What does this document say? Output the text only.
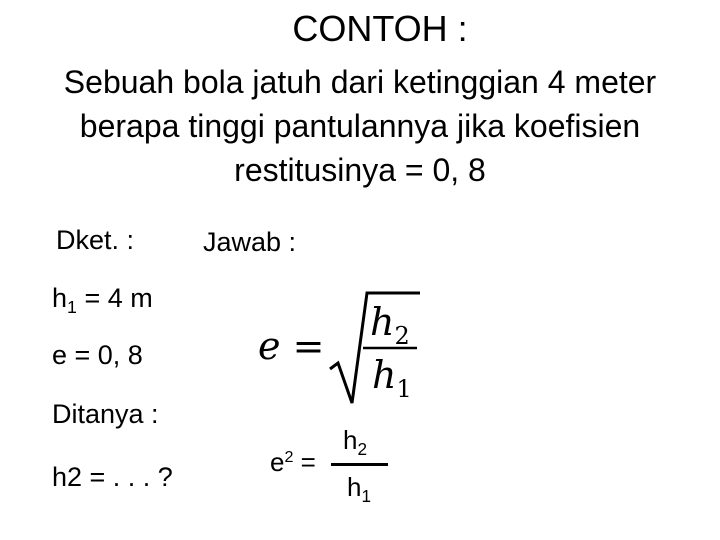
CONTOH :
Sebuah bola jatuh dari ketinggian 4 meter berapa tinggi pantulannya jika koefisien restitusinya = 0, 8
Dket. :	Jawab :
$h_1 = 4$ m
e = 0, 8
Ditanya :
h2 = . . . ?
e =
$h_2$
$h_1$
$e^2$ =
$h_2$
$h_1$
